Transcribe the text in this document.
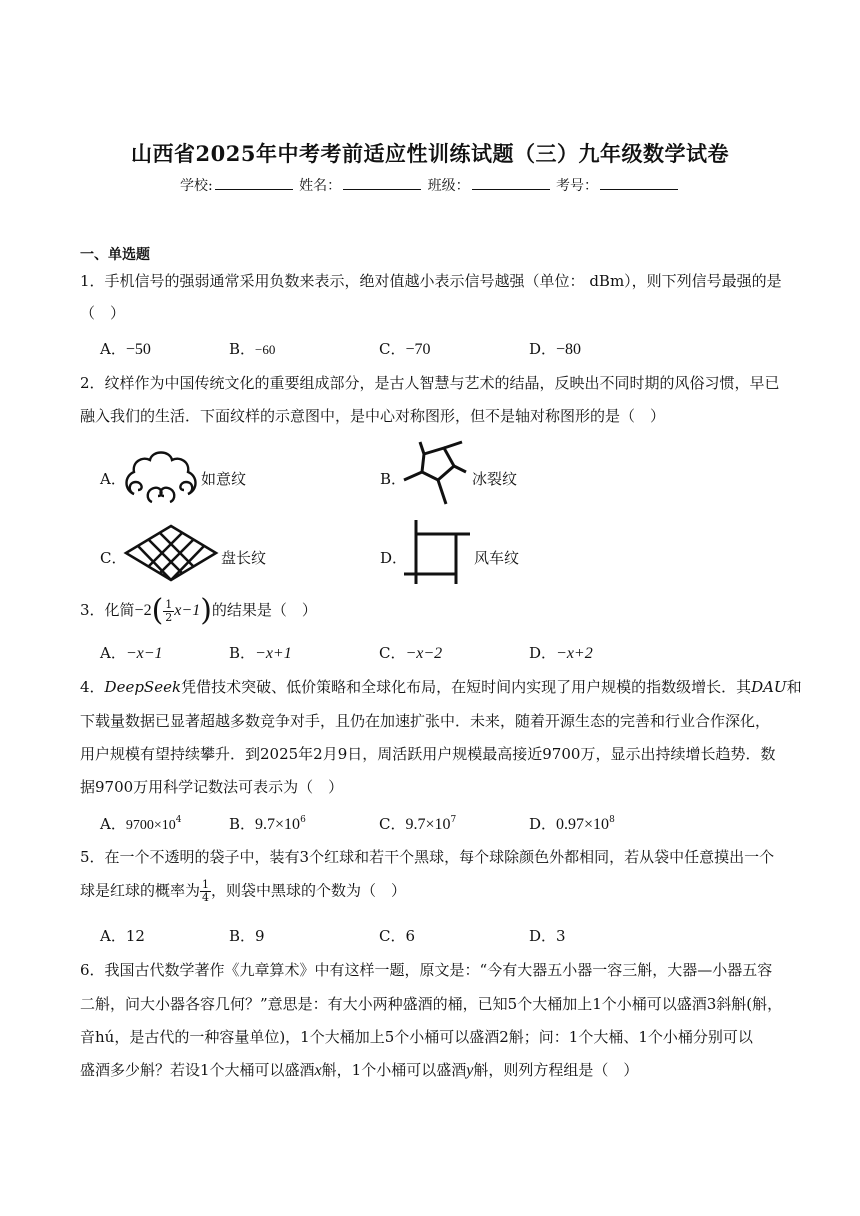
山西省2025年中考考前适应性训练试题（三）九年级数学试卷
学校:	姓名：	班级：	考号：
一、单选题
1．手机信号的强弱通常采用负数来表示，绝对值越小表示信号越强（单位： dBm），则下列信号最强的是
（　）
A．−50	B．−60	C．−70	D．−80
2．纹样作为中国传统文化的重要组成部分，是古人智慧与艺术的结晶，反映出不同时期的风俗习惯，早已
融入我们的生活．下面纹样的示意图中，是中心对称图形，但不是轴对称图形的是（　）
A．	如意纹	B．	冰裂纹
C．	盘长纹	D．	风车纹
3．化简$-2( \frac{1}{2} x-1)$的结果是（　）
A．−x−1	B．−x+1	C．−x−2	D．−x+2
4．DeepSeek凭借技术突破、低价策略和全球化布局，在短时间内实现了用户规模的指数级增长．其DAU和
下载量数据已显著超越多数竞争对手，且仍在加速扩张中．未来，随着开源生态的完善和行业合作深化，
用户规模有望持续攀升．到2025年2月9日，周活跃用户规模最高接近9700万，显示出持续增长趋势．数
据9700万用科学记数法可表示为（　）
A．$9700\times 10^4$	B．$9.7\times 10^6$	C．$9.7\times 10^7$	D．$0.97\times 10^8$
5．在一个不透明的袋子中，装有3个红球和若干个黑球，每个球除颜色外都相同，若从袋中任意摸出一个
球是红球的概率为 $\frac{1}{4}$ ，则袋中黑球的个数为（　）
A．12	B．9	C．6	D．3
6．我国古代数学著作《九章算术》中有这样一题，原文是：“今有大器五小器一容三斛，大器—小器五容
二斛，问大小器各容几何？”意思是：有大小两种盛酒的桶，已知5个大桶加上1个小桶可以盛酒3斜斛(斛，
音hú，是古代的一种容量单位)，1个大桶加上5个小桶可以盛酒2斛；问：1个大桶、1个小桶分别可以
盛酒多少斛？若设1个大桶可以盛酒x斛，1个小桶可以盛酒y斛，则列方程组是（　）
